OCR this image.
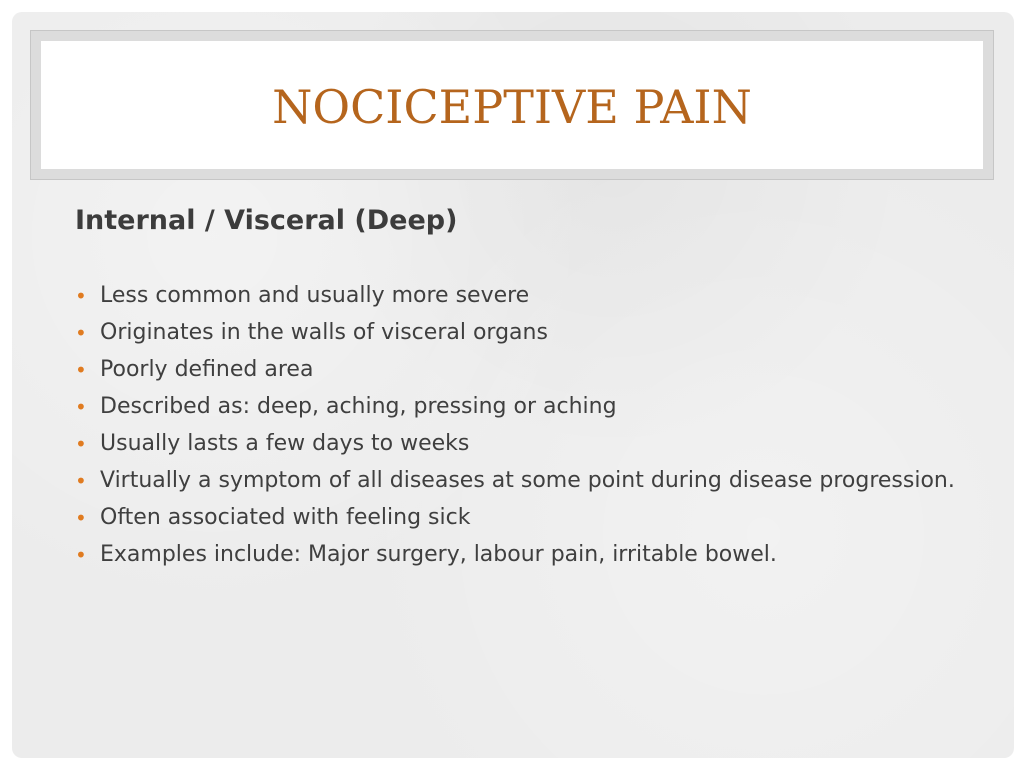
NOCICEPTIVE PAIN
Internal / Visceral (Deep)
• Less common and usually more severe
• Originates in the walls of visceral organs
• Poorly defined area
• Described as: deep, aching, pressing or aching
• Usually lasts a few days to weeks
• Virtually a symptom of all diseases at some point during disease progression.
• Often associated with feeling sick
• Examples include: Major surgery, labour pain, irritable bowel.
